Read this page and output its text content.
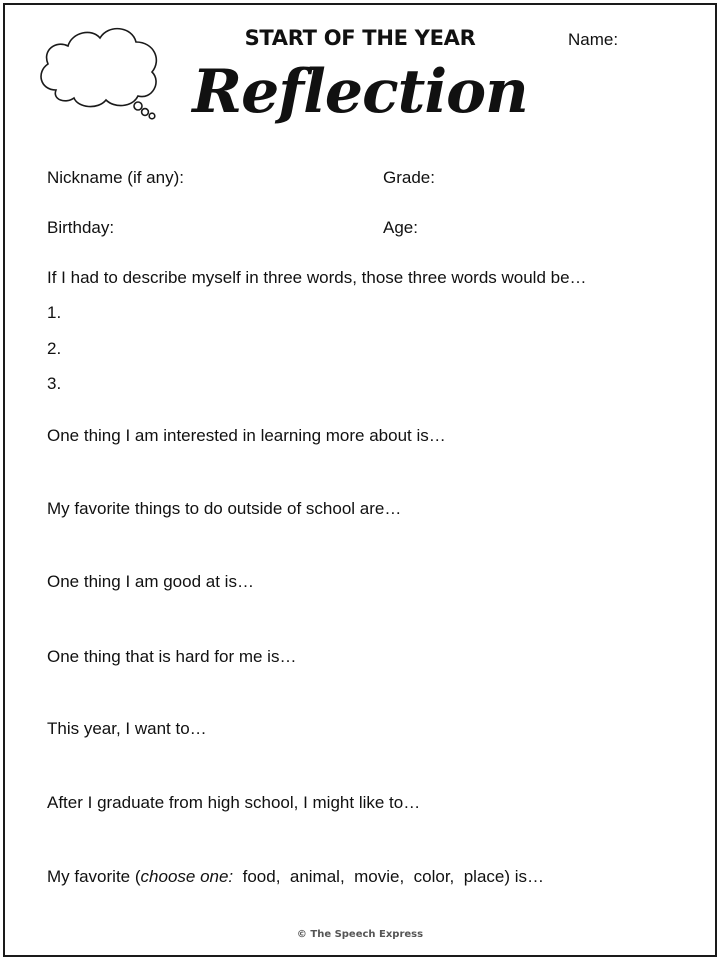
START OF THE YEAR
Reflection
Name:
Nickname (if any):	Grade:
Birthday:	Age:
If I had to describe myself in three words, those three words would be…
1.
2.
3.
One thing I am interested in learning more about is…
My favorite things to do outside of school are…
One thing I am good at is…
One thing that is hard for me is…
This year, I want to…
After I graduate from high school, I might like to…
My favorite (choose one:  food,  animal,  movie,  color,  place) is…
© The Speech Express
